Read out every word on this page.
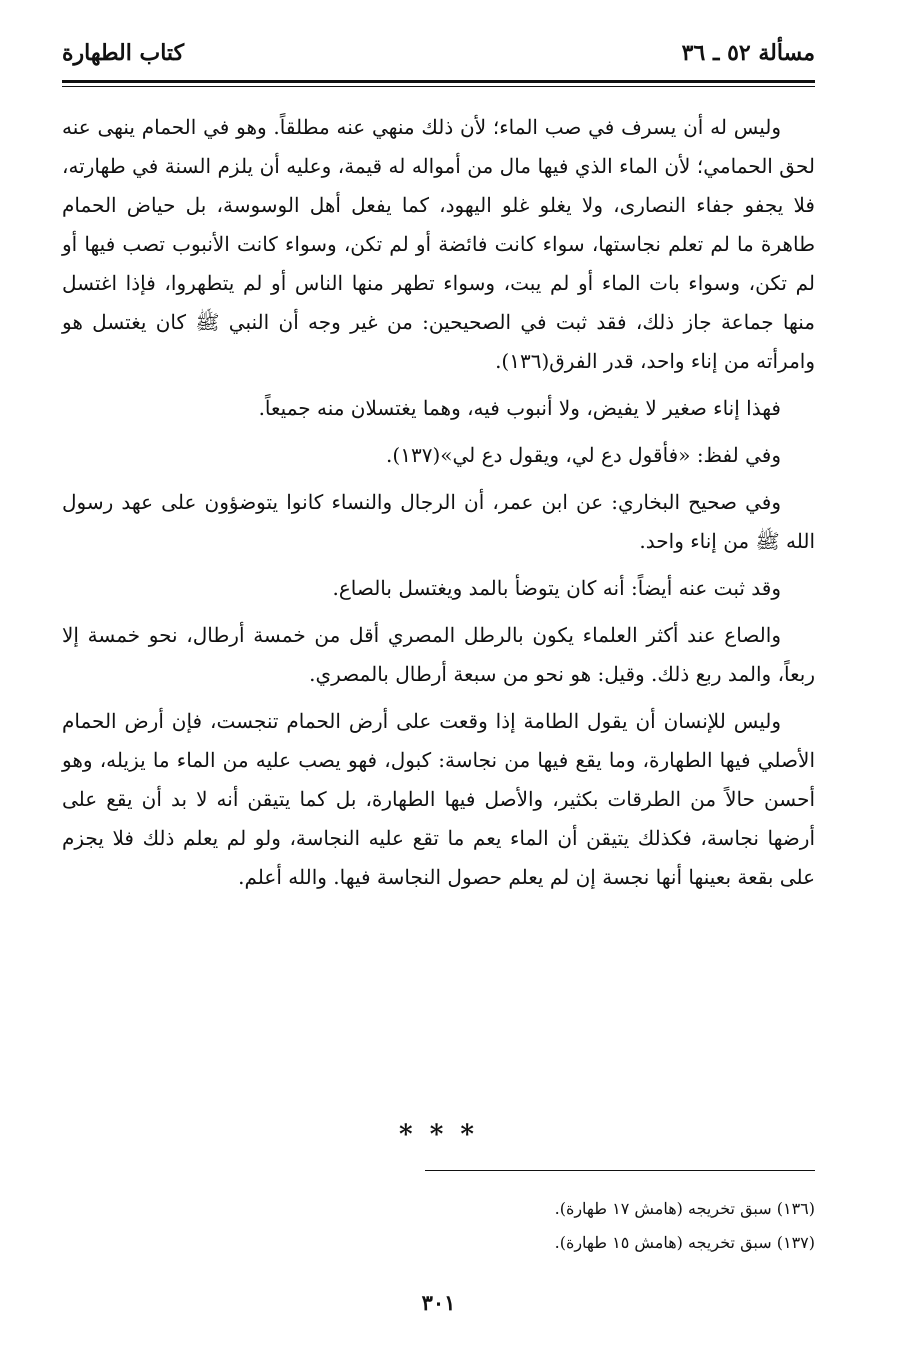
مسألة ٥٢ ـ ٣٦
كتاب الطهارة

وليس له أن يسرف في صب الماء؛ لأن ذلك منهي عنه مطلقاً. وهو في الحمام ينهى عنه لحق الحمامي؛ لأن الماء الذي فيها مال من أمواله له قيمة، وعليه أن يلزم السنة في طهارته، فلا يجفو جفاء النصارى، ولا يغلو غلو اليهود، كما يفعل أهل الوسوسة، بل حياض الحمام طاهرة ما لم تعلم نجاستها، سواء كانت فائضة أو لم تكن، وسواء كانت الأنبوب تصب فيها أو لم تكن، وسواء بات الماء أو لم يبت، وسواء تطهر منها الناس أو لم يتطهروا، فإذا اغتسل منها جماعة جاز ذلك، فقد ثبت في الصحيحين: من غير وجه أن النبي ﷺ كان يغتسل هو وامرأته من إناء واحد، قدر الفرق(١٣٦).

فهذا إناء صغير لا يفيض، ولا أنبوب فيه، وهما يغتسلان منه جميعاً.

وفي لفظ: «فأقول دع لي، ويقول دع لي»(١٣٧).

وفي صحيح البخاري: عن ابن عمر، أن الرجال والنساء كانوا يتوضؤون على عهد رسول الله ﷺ من إناء واحد.

وقد ثبت عنه أيضاً: أنه كان يتوضأ بالمد ويغتسل بالصاع.

والصاع عند أكثر العلماء يكون بالرطل المصري أقل من خمسة أرطال، نحو خمسة إلا ربعاً، والمد ربع ذلك. وقيل: هو نحو من سبعة أرطال بالمصري.

وليس للإنسان أن يقول الطامة إذا وقعت على أرض الحمام تنجست، فإن أرض الحمام الأصلي فيها الطهارة، وما يقع فيها من نجاسة: كبول، فهو يصب عليه من الماء ما يزيله، وهو أحسن حالاً من الطرقات بكثير، والأصل فيها الطهارة، بل كما يتيقن أنه لا بد أن يقع على أرضها نجاسة، فكذلك يتيقن أن الماء يعم ما تقع عليه النجاسة، ولو لم يعلم ذلك فلا يجزم على بقعة بعينها أنها نجسة إن لم يعلم حصول النجاسة فيها. والله أعلم.

* * *

(١٣٦) سبق تخريجه (هامش ١٧ طهارة).

(١٣٧) سبق تخريجه (هامش ١٥ طهارة).

٣٠١
